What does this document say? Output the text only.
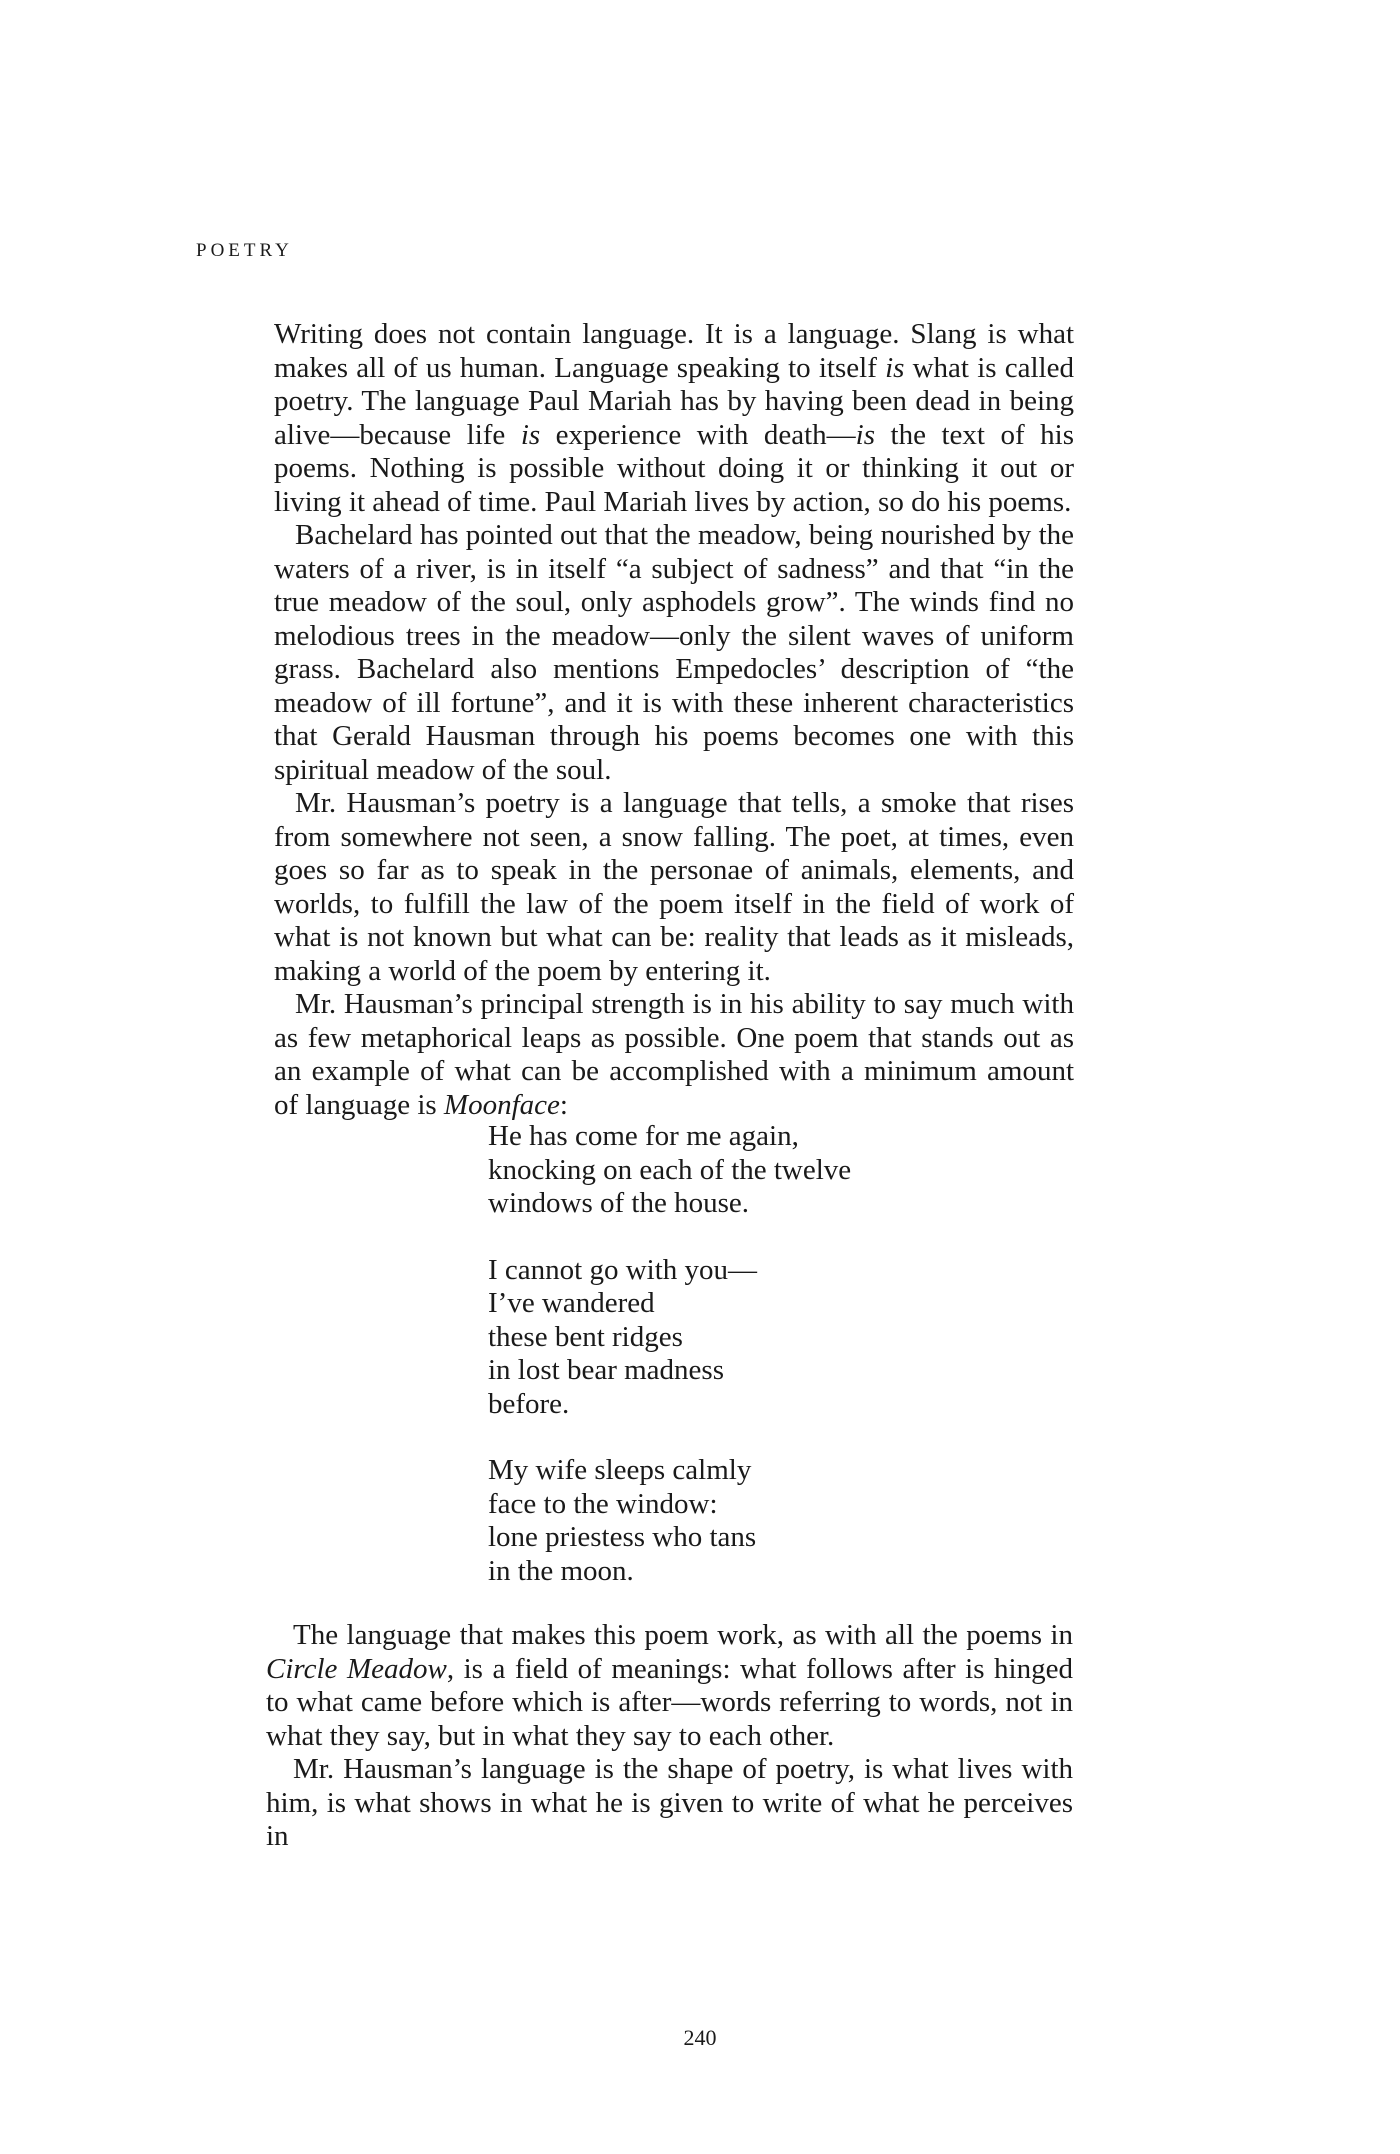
POETRY

Writing does not contain language. It is a language. Slang is what makes all of us human. Language speaking to itself is what is called poetry. The language Paul Mariah has by having been dead in being alive—because life is experience with death—is the text of his poems. Nothing is possible without doing it or thinking it out or living it ahead of time. Paul Mariah lives by action, so do his poems.

Bachelard has pointed out that the meadow, being nourished by the waters of a river, is in itself “a subject of sadness” and that “in the true meadow of the soul, only asphodels grow”. The winds find no melodious trees in the meadow—only the silent waves of uniform grass. Bachelard also mentions Empedocles’ description of “the meadow of ill fortune”, and it is with these inherent characteristics that Gerald Hausman through his poems becomes one with this spiritual meadow of the soul.

Mr. Hausman’s poetry is a language that tells, a smoke that rises from somewhere not seen, a snow falling. The poet, at times, even goes so far as to speak in the personae of animals, elements, and worlds, to fulfill the law of the poem itself in the field of work of what is not known but what can be: reality that leads as it misleads, making a world of the poem by entering it.

Mr. Hausman’s principal strength is in his ability to say much with as few metaphorical leaps as possible. One poem that stands out as an example of what can be accomplished with a minimum amount of language is Moonface:

He has come for me again,
knocking on each of the twelve
windows of the house.
I cannot go with you—
I’ve wandered
these bent ridges
in lost bear madness
before.
My wife sleeps calmly
face to the window:
lone priestess who tans
in the moon.

The language that makes this poem work, as with all the poems in Circle Meadow, is a field of meanings: what follows after is hinged to what came before which is after—words referring to words, not in what they say, but in what they say to each other.

Mr. Hausman’s language is the shape of poetry, is what lives with him, is what shows in what he is given to write of what he perceives in

240
